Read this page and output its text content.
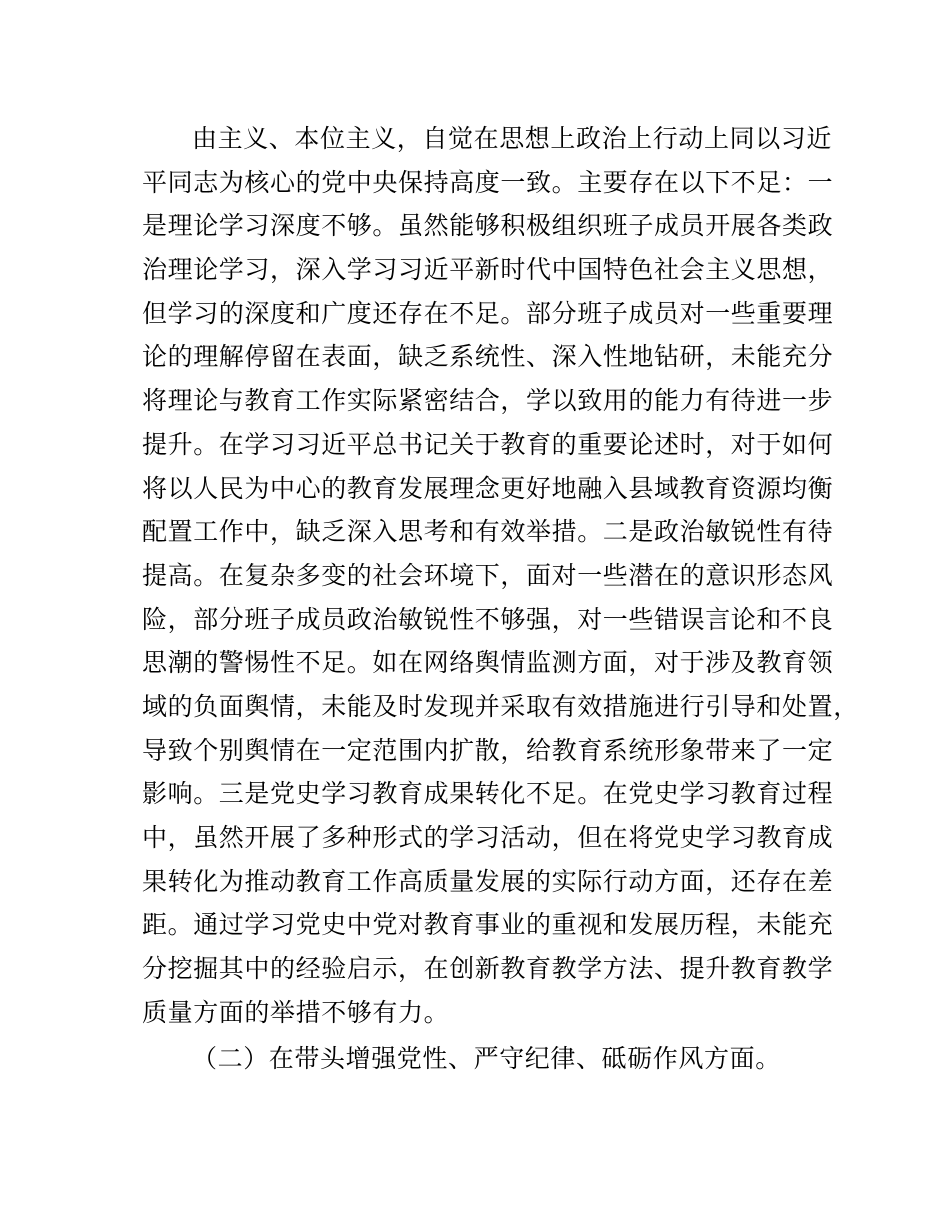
由主义、本位主义，自觉在思想上政治上行动上同以习近
平同志为核心的党中央保持高度一致。主要存在以下不足：一
是理论学习深度不够。虽然能够积极组织班子成员开展各类政
治理论学习，深入学习习近平新时代中国特色社会主义思想，
但学习的深度和广度还存在不足。部分班子成员对一些重要理
论的理解停留在表面，缺乏系统性、深入性地钻研，未能充分
将理论与教育工作实际紧密结合，学以致用的能力有待进一步
提升。在学习习近平总书记关于教育的重要论述时，对于如何
将以人民为中心的教育发展理念更好地融入县域教育资源均衡
配置工作中，缺乏深入思考和有效举措。二是政治敏锐性有待
提高。在复杂多变的社会环境下，面对一些潜在的意识形态风
险，部分班子成员政治敏锐性不够强，对一些错误言论和不良
思潮的警惕性不足。如在网络舆情监测方面，对于涉及教育领
域的负面舆情，未能及时发现并采取有效措施进行引导和处置，
导致个别舆情在一定范围内扩散，给教育系统形象带来了一定
影响。三是党史学习教育成果转化不足。在党史学习教育过程
中，虽然开展了多种形式的学习活动，但在将党史学习教育成
果转化为推动教育工作高质量发展的实际行动方面，还存在差
距。通过学习党史中党对教育事业的重视和发展历程，未能充
分挖掘其中的经验启示，在创新教育教学方法、提升教育教学
质量方面的举措不够有力。
（二）在带头增强党性、严守纪律、砥砺作风方面。
